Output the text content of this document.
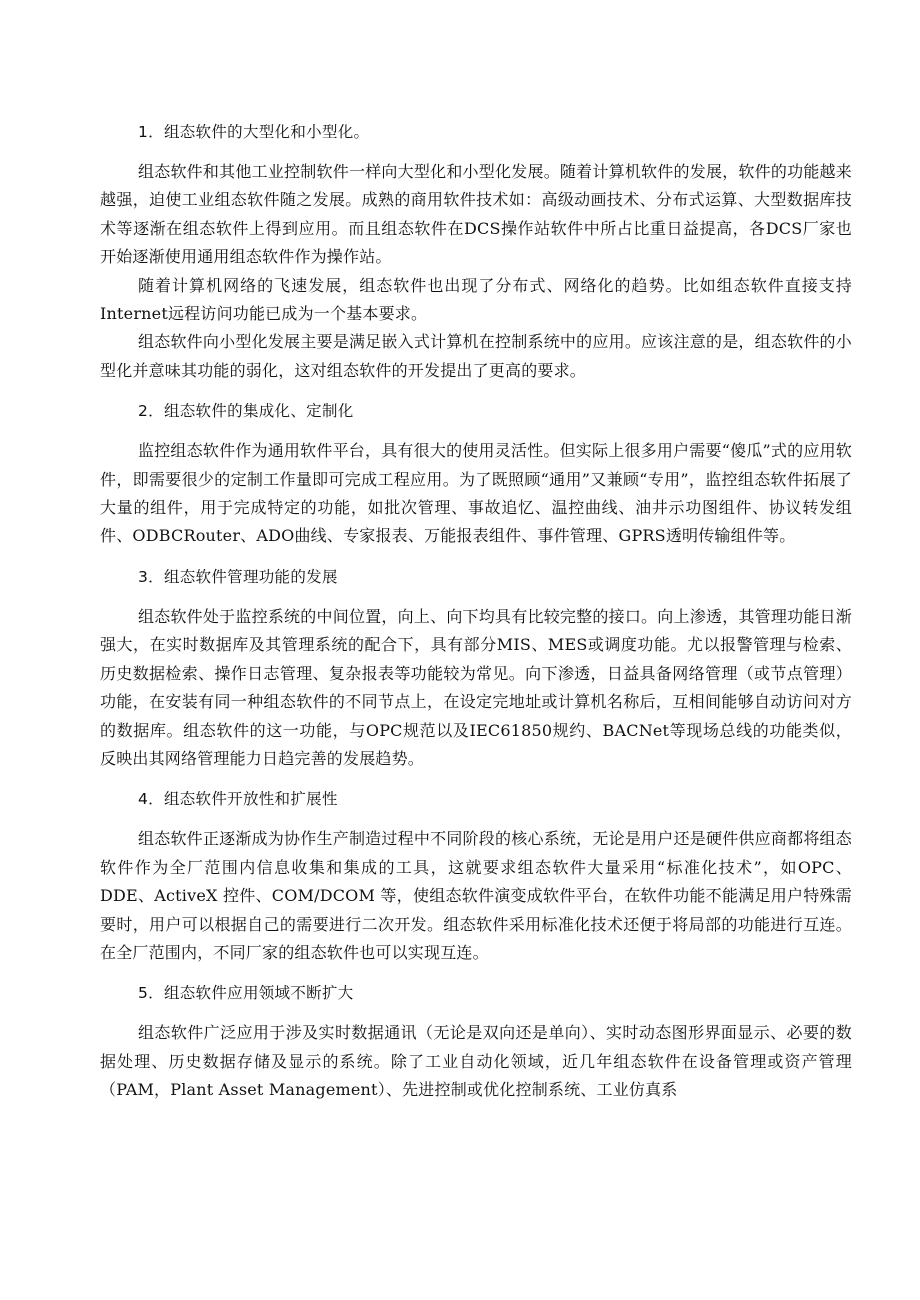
1．组态软件的大型化和小型化。

组态软件和其他工业控制软件一样向大型化和小型化发展。随着计算机软件的发展，软件的功能越来越强，迫使工业组态软件随之发展。成熟的商用软件技术如：高级动画技术、分布式运算、大型数据库技术等逐渐在组态软件上得到应用。而且组态软件在DCS操作站软件中所占比重日益提高，各DCS厂家也开始逐渐使用通用组态软件作为操作站。

随着计算机网络的飞速发展，组态软件也出现了分布式、网络化的趋势。比如组态软件直接支持Internet远程访问功能已成为一个基本要求。

组态软件向小型化发展主要是满足嵌入式计算机在控制系统中的应用。应该注意的是，组态软件的小型化并意味其功能的弱化，这对组态软件的开发提出了更高的要求。

2．组态软件的集成化、定制化

监控组态软件作为通用软件平台，具有很大的使用灵活性。但实际上很多用户需要“傻瓜”式的应用软件，即需要很少的定制工作量即可完成工程应用。为了既照顾“通用”又兼顾“专用”，监控组态软件拓展了大量的组件，用于完成特定的功能，如批次管理、事故追忆、温控曲线、油井示功图组件、协议转发组件、ODBCRouter、ADO曲线、专家报表、万能报表组件、事件管理、GPRS透明传输组件等。

3．组态软件管理功能的发展

组态软件处于监控系统的中间位置，向上、向下均具有比较完整的接口。向上渗透，其管理功能日渐强大，在实时数据库及其管理系统的配合下，具有部分MIS、MES或调度功能。尤以报警管理与检索、历史数据检索、操作日志管理、复杂报表等功能较为常见。向下渗透，日益具备网络管理（或节点管理）功能，在安装有同一种组态软件的不同节点上，在设定完地址或计算机名称后，互相间能够自动访问对方的数据库。组态软件的这一功能，与OPC规范以及IEC61850规约、BACNet等现场总线的功能类似，反映出其网络管理能力日趋完善的发展趋势。

4．组态软件开放性和扩展性

组态软件正逐渐成为协作生产制造过程中不同阶段的核心系统，无论是用户还是硬件供应商都将组态软件作为全厂范围内信息收集和集成的工具，这就要求组态软件大量采用“标准化技术”，如OPC、DDE、ActiveX 控件、COM/DCOM 等，使组态软件演变成软件平台，在软件功能不能满足用户特殊需要时，用户可以根据自己的需要进行二次开发。组态软件采用标准化技术还便于将局部的功能进行互连。在全厂范围内，不同厂家的组态软件也可以实现互连。

5．组态软件应用领域不断扩大

组态软件广泛应用于涉及实时数据通讯（无论是双向还是单向）、实时动态图形界面显示、必要的数据处理、历史数据存储及显示的系统。除了工业自动化领域，近几年组态软件在设备管理或资产管理（PAM，Plant Asset Management）、先进控制或优化控制系统、工业仿真系
